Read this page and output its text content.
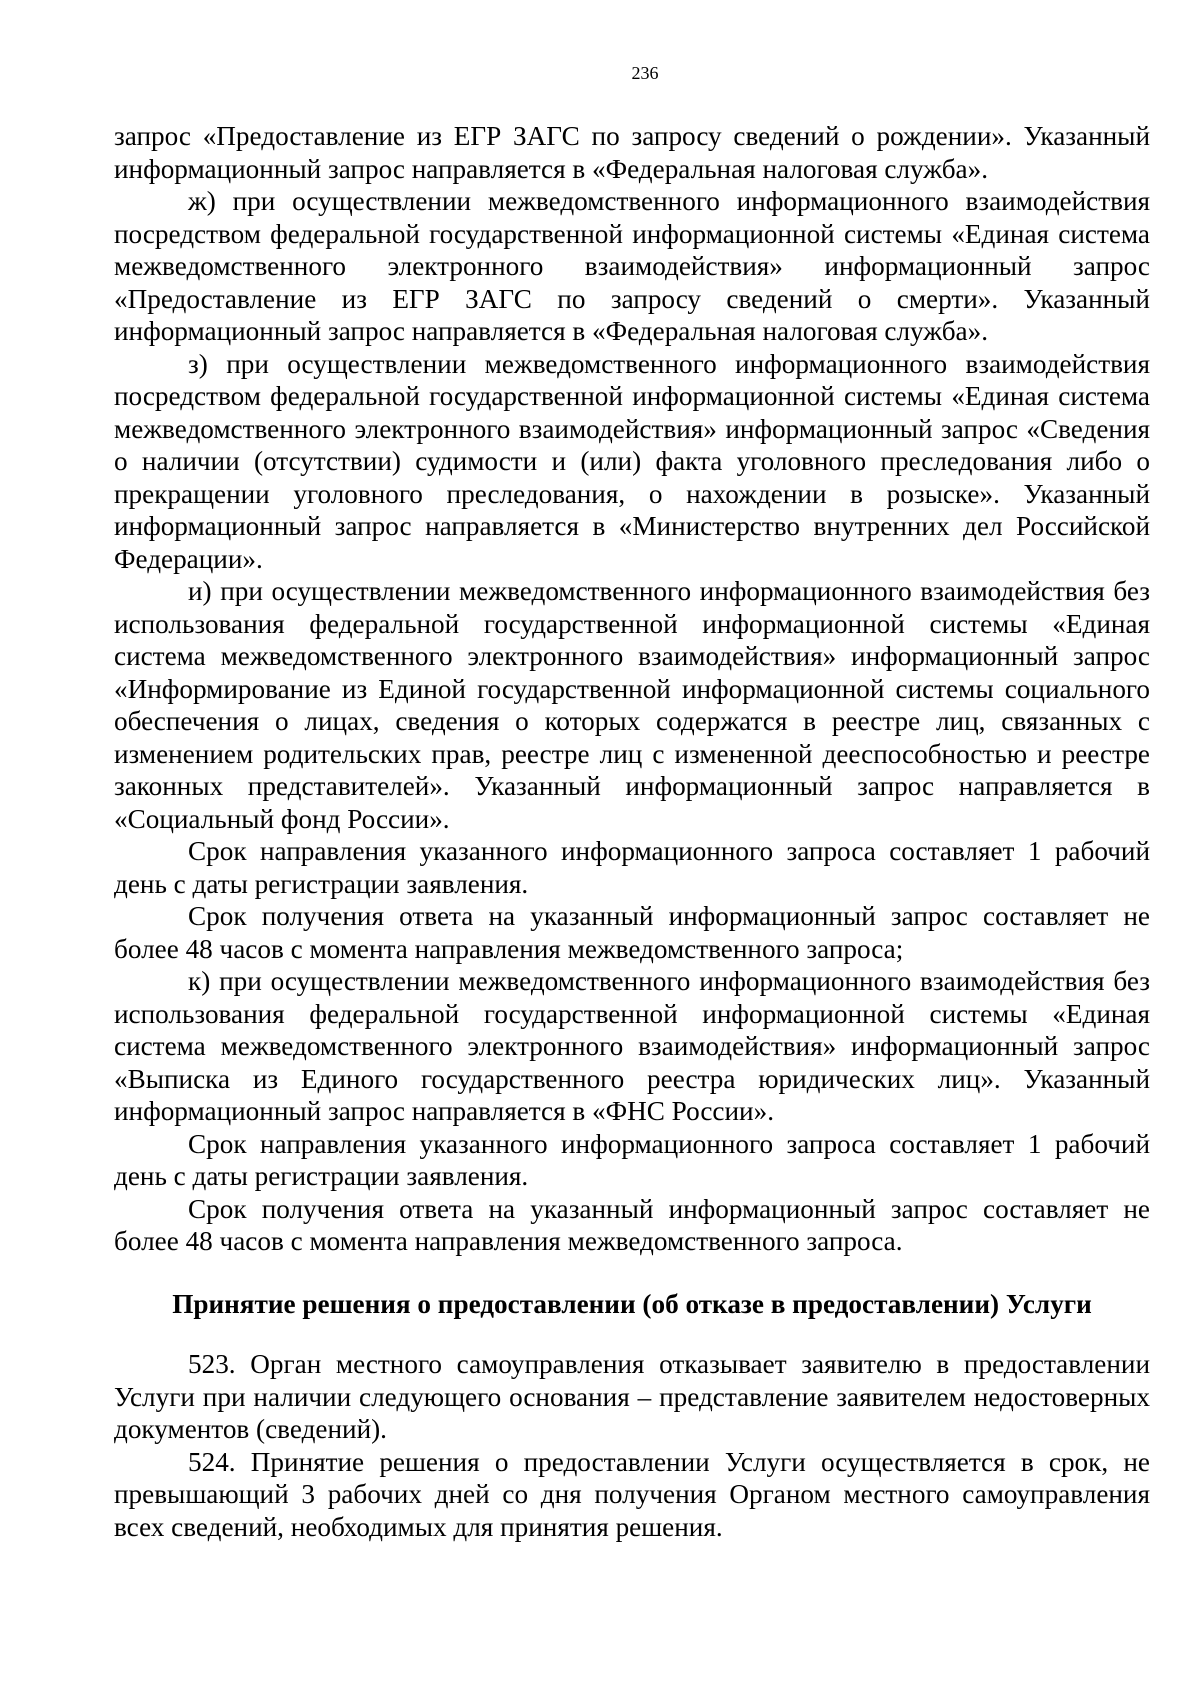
236

запрос «Предоставление из ЕГР ЗАГС по запросу сведений о рождении». Указанный информационный запрос направляется в «Федеральная налоговая служба».

ж) при осуществлении межведомственного информационного взаимодействия посредством федеральной государственной информационной системы «Единая система межведомственного электронного взаимодействия» информационный запрос «Предоставление из ЕГР ЗАГС по запросу сведений о смерти». Указанный информационный запрос направляется в «Федеральная налоговая служба».

з) при осуществлении межведомственного информационного взаимодействия посредством федеральной государственной информационной системы «Единая система межведомственного электронного взаимодействия» информационный запрос «Сведения о наличии (отсутствии) судимости и (или) факта уголовного преследования либо о прекращении уголовного преследования, о нахождении в розыске». Указанный информационный запрос направляется в «Министерство внутренних дел Российской Федерации».

и) при осуществлении межведомственного информационного взаимодействия без использования федеральной государственной информационной системы «Единая система межведомственного электронного взаимодействия» информационный запрос «Информирование из Единой государственной информационной системы социального обеспечения о лицах, сведения о которых содержатся в реестре лиц, связанных с изменением родительских прав, реестре лиц с измененной дееспособностью и реестре законных представителей». Указанный информационный запрос направляется в «Социальный фонд России».

Срок направления указанного информационного запроса составляет 1 рабочий день с даты регистрации заявления.

Срок получения ответа на указанный информационный запрос составляет не более 48 часов с момента направления межведомственного запроса;

к) при осуществлении межведомственного информационного взаимодействия без использования федеральной государственной информационной системы «Единая система межведомственного электронного взаимодействия» информационный запрос «Выписка из Единого государственного реестра юридических лиц». Указанный информационный запрос направляется в «ФНС России».

Срок направления указанного информационного запроса составляет 1 рабочий день с даты регистрации заявления.

Срок получения ответа на указанный информационный запрос составляет не более 48 часов с момента направления межведомственного запроса.

Принятие решения о предоставлении (об отказе в предоставлении) Услуги

523. Орган местного самоуправления отказывает заявителю в предоставлении Услуги при наличии следующего основания – представление заявителем недостоверных документов (сведений).

524. Принятие решения о предоставлении Услуги осуществляется в срок, не превышающий 3 рабочих дней со дня получения Органом местного самоуправления всех сведений, необходимых для принятия решения.
